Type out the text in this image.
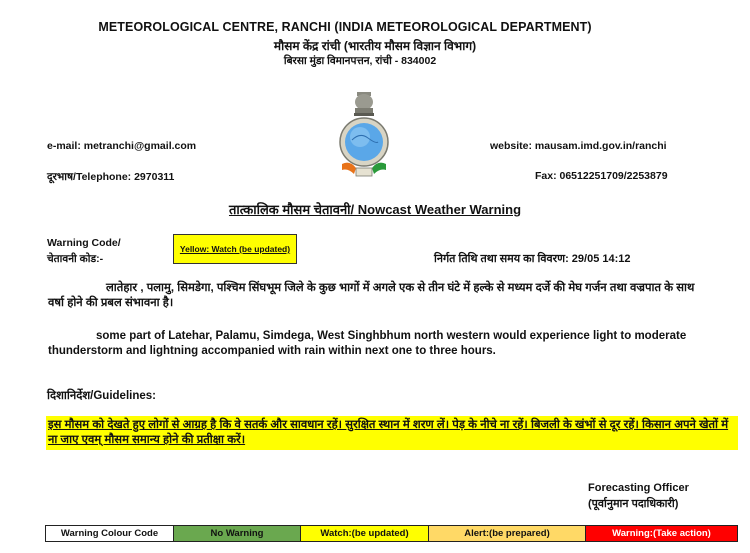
METEOROLOGICAL CENTRE, RANCHI (INDIA METEOROLOGICAL DEPARTMENT)
मौसम केंद्र रांची (भारतीय मौसम विज्ञान विभाग)
बिरसा मुंडा विमानपत्तन, रांची - 834002
e-mail: metranchi@gmail.com
दूरभाष/Telephone: 2970311
website: mausam.imd.gov.in/ranchi
Fax: 06512251709/2253879
तात्कालिक मौसम चेतावनी/ Nowcast Weather Warning
Warning Code/
चेतावनी कोड:-
Yellow: Watch (be updated)
निर्गत तिथि तथा समय का विवरण: 29/05 14:12
लातेहार , पलामु, सिमडेगा, पश्चिम सिंघभूम जिले के कुछ भागों में अगले एक से तीन घंटे में हल्के से मध्यम दर्जे की मेघ गर्जन तथा वज्रपात के साथ वर्षा होने की प्रबल संभावना है।
some part of Latehar, Palamu, Simdega, West Singhbhum north western would experience light to moderate thunderstorm and lightning accompanied with rain within next one to three hours.
दिशानिर्देश/Guidelines:
इस मौसम को देखते हुए लोगों से आग्रह है कि वे सतर्क और सावधान रहें। सुरक्षित स्थान में शरण लें। पेड़ के नीचे ना रहें। बिजली के खंभों से दूर रहें। किसान अपने खेतों में ना जाए एवम् मौसम समान्य होने की प्रतीक्षा करें।
Forecasting Officer
(पूर्वानुमान पदाधिकारी)
Warning Colour Code	No Warning	Watch:(be updated)	Alert:(be prepared)	Warning:(Take action)
